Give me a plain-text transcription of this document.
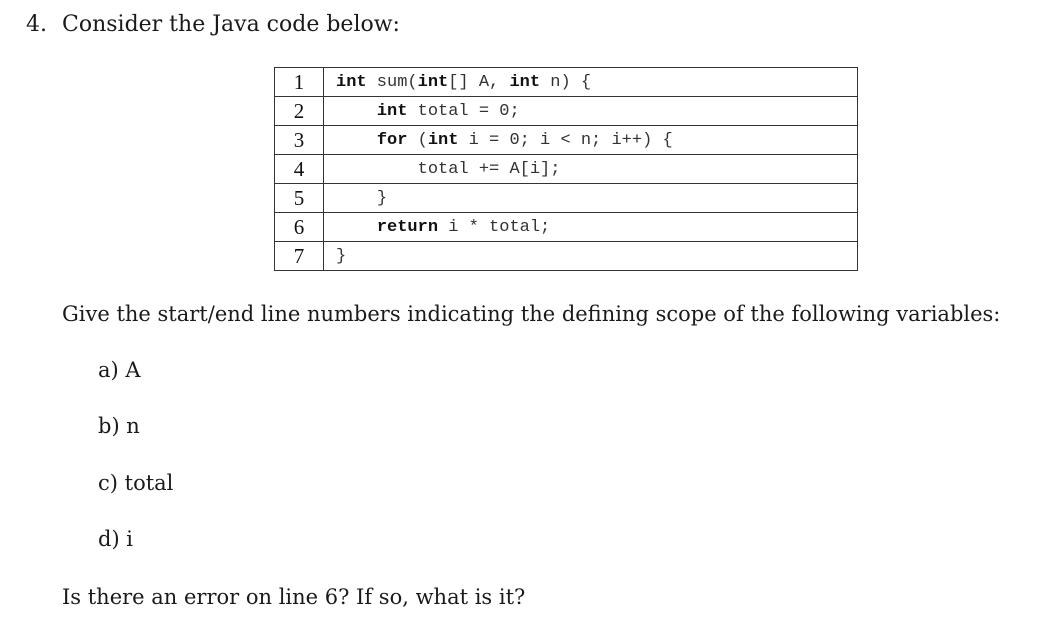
4. Consider the Java code below:
1	int sum(int[] A, int n) {
2	int total = 0;
3	for (int i = 0; i < n; i++) {
4	total += A[i];
5	}
6	return i * total;
7	}
Give the start/end line numbers indicating the defining scope of the following variables:
a) A
b) n
c) total
d) i
Is there an error on line 6? If so, what is it?
